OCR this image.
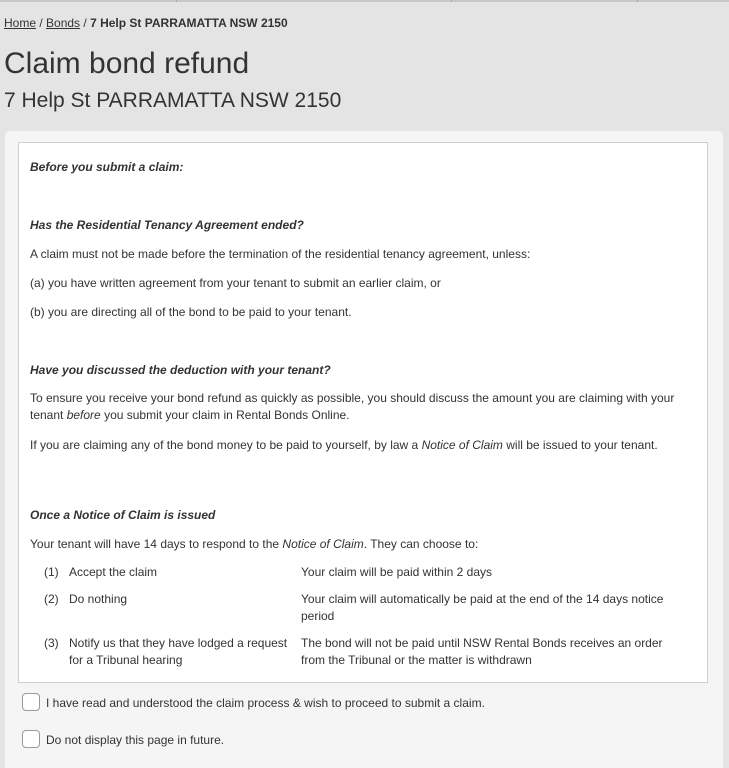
Home / Bonds / 7 Help St PARRAMATTA NSW 2150
Claim bond refund
7 Help St PARRAMATTA NSW 2150

Before you submit a claim:

Has the Residential Tenancy Agreement ended?

A claim must not be made before the termination of the residential tenancy agreement, unless:

(a) you have written agreement from your tenant to submit an earlier claim, or

(b) you are directing all of the bond to be paid to your tenant.

Have you discussed the deduction with your tenant?

To ensure you receive your bond refund as quickly as possible, you should discuss the amount you are claiming with your tenant before you submit your claim in Rental Bonds Online.

If you are claiming any of the bond money to be paid to yourself, by law a Notice of Claim will be issued to your tenant.

Once a Notice of Claim is issued

Your tenant will have 14 days to respond to the Notice of Claim. They can choose to:

(1) Accept the claim	Your claim will be paid within 2 days
(2) Do nothing	Your claim will automatically be paid at the end of the 14 days notice period
(3) Notify us that they have lodged a request for a Tribunal hearing
The bond will not be paid until NSW Rental Bonds receives an order from the Tribunal or the matter is withdrawn
I have read and understood the claim process & wish to proceed to submit a claim.
Do not display this page in future.
